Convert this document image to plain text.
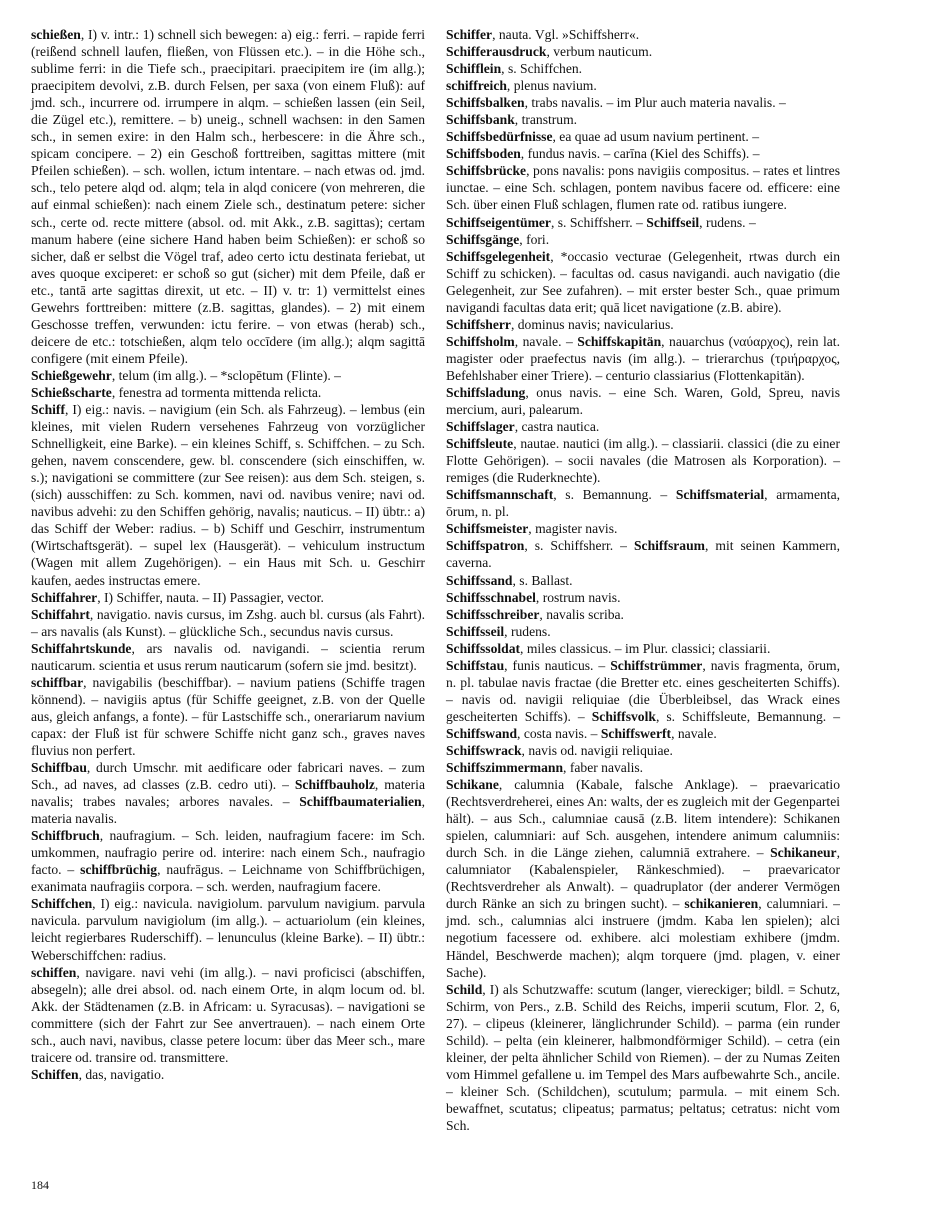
schießen, I) v. intr.: 1) schnell sich bewegen: a) eig.: ferri. – rapide ferri (reißend schnell laufen, fließen, von Flüssen etc.). – in die Höhe sch., sublime ferri: in die Tiefe sch., praecipitari. praecipitem ire (im allg.); praecipitem devolvi, z.B. durch Felsen, per saxa (von einem Fluß): auf jmd. sch., incurrere od. irrumpere in alqm. – schießen lassen (ein Seil, die Zügel etc.), remittere. – b) uneig., schnell wachsen: in den Samen sch., in semen exire: in den Halm sch., herbescere: in die Ähre sch., spicam concipere. – 2) ein Geschoß forttreiben, sagittas mittere (mit Pfeilen schießen). – sch. wollen, ictum intentare. – nach etwas od. jmd. sch., telo petere alqd od. alqm; tela in alqd conicere (von mehreren, die auf einmal schießen): nach einem Ziele sch., destinatum petere: sicher sch., certe od. recte mittere (absol. od. mit Akk., z.B. sagittas); certam manum habere (eine sichere Hand haben beim Schießen): er schoß so sicher, daß er selbst die Vögel traf, adeo certo ictu destinata feriebat, ut aves quoque exciperet: er schoß so gut (sicher) mit dem Pfeile, daß er etc., tantā arte sagittas direxit, ut etc. – II) v. tr: 1) vermittelst eines Gewehrs forttreiben: mittere (z.B. sagittas, glandes). – 2) mit einem Geschosse treffen, verwunden: ictu ferire. – von etwas (herab) sch., deicere de etc.: totschießen, alqm telo occīdere (im allg.); alqm sagittā configere (mit einem Pfeile).

Schießgewehr, telum (im allg.). – *sclopētum (Flinte). –

Schießscharte, fenestra ad tormenta mittenda relicta.

Schiff, I) eig.: navis. – navigium (ein Sch. als Fahrzeug). – lembus (ein kleines, mit vielen Rudern versehenes Fahrzeug von vorzüglicher Schnelligkeit, eine Barke). – ein kleines Schiff, s. Schiffchen. – zu Sch. gehen, navem conscendere, gew. bl. conscendere (sich einschiffen, w. s.); navigationi se committere (zur See reisen): aus dem Sch. steigen, s. (sich) ausschiffen: zu Sch. kommen, navi od. navibus venire; navi od. navibus advehi: zu den Schiffen gehörig, navalis; nauticus. – II) übtr.: a) das Schiff der Weber: radius. – b) Schiff und Geschirr, instrumentum (Wirtschaftsgerät). – supel lex (Hausgerät). – vehiculum instructum (Wagen mit allem Zugehörigen). – ein Haus mit Sch. u. Geschirr kaufen, aedes instructas emere.

Schiffahrer, I) Schiffer, nauta. – II) Passagier, vector.

Schiffahrt, navigatio. navis cursus, im Zshg. auch bl. cursus (als Fahrt). – ars navalis (als Kunst). – glückliche Sch., secundus navis cursus.

Schiffahrtskunde, ars navalis od. navigandi. – scientia rerum nauticarum. scientia et usus rerum nauticarum (sofern sie jmd. besitzt).

schiffbar, navigabilis (beschiffbar). – navium patiens (Schiffe tragen könnend). – navigiis aptus (für Schiffe geeignet, z.B. von der Quelle aus, gleich anfangs, a fonte). – für Lastschiffe sch., onerariarum navium capax: der Fluß ist für schwere Schiffe nicht ganz sch., graves naves fluvius non perfert.

Schiffbau, durch Umschr. mit aedificare oder fabricari naves. – zum Sch., ad naves, ad classes (z.B. cedro uti). – Schiffbauholz, materia navalis; trabes navales; arbores navales. – Schiffbaumaterialien, materia navalis.

Schiffbruch, naufragium. – Sch. leiden, naufragium facere: im Sch. umkommen, naufragio perire od. interire: nach einem Sch., naufragio facto. – schiffbrüchig, naufrāgus. – Leichname von Schiffbrüchigen, exanimata naufragiis corpora. – sch. werden, naufragium facere.

Schiffchen, I) eig.: navicula. navigiolum. parvulum navigium. parvula navicula. parvulum navigiolum (im allg.). – actuariolum (ein kleines, leicht regierbares Ruderschiff). – lenunculus (kleine Barke). – II) übtr.: Weberschiffchen: radius.

schiffen, navigare. navi vehi (im allg.). – navi proficisci (abschiffen, absegeln); alle drei absol. od. nach einem Orte, in alqm locum od. bl. Akk. der Städtenamen (z.B. in Africam: u. Syracusas). – navigationi se committere (sich der Fahrt zur See anvertrauen). – nach einem Orte sch., auch navi, navibus, classe petere locum: über das Meer sch., mare traicere od. transire od. transmittere.

Schiffen, das, navigatio.

Schiffer, nauta. Vgl. »Schiffsherr«.

Schifferausdruck, verbum nauticum.

Schifflein, s. Schiffchen.

schiffreich, plenus navium.

Schiffsbalken, trabs navalis. – im Plur auch materia navalis. –

Schiffsbank, transtrum.

Schiffsbedürfnisse, ea quae ad usum navium pertinent. –

Schiffsboden, fundus navis. – carīna (Kiel des Schiffs). –

Schiffsbrücke, pons navalis: pons navigiis compositus. – rates et lintres iunctae. – eine Sch. schlagen, pontem navibus facere od. efficere: eine Sch. über einen Fluß schlagen, flumen rate od. ratibus iungere.

Schiffseigentümer, s. Schiffsherr. – Schiffseil, rudens. –

Schiffsgänge, fori.

Schiffsgelegenheit, *occasio vecturae (Gelegenheit, rtwas durch ein Schiff zu schicken). – facultas od. casus navigandi. auch navigatio (die Gelegenheit, zur See zufahren). – mit erster bester Sch., quae primum navigandi facultas data erit; quā licet navigatione (z.B. abire).

Schiffsherr, dominus navis; navicularius.

Schiffsholm, navale. – Schiffskapitän, nauarchus (ναύαρχος), rein lat. magister oder praefectus navis (im allg.). – trierarchus (τριήραρχος, Befehlshaber einer Triere). – centurio classiarius (Flottenkapitän).

Schiffsladung, onus navis. – eine Sch. Waren, Gold, Spreu, navis mercium, auri, palearum.

Schiffslager, castra nautica.

Schiffsleute, nautae. nautici (im allg.). – classiarii. classici (die zu einer Flotte Gehörigen). – socii navales (die Matrosen als Korporation). – remiges (die Ruderknechte).

Schiffsmannschaft, s. Bemannung. – Schiffsmaterial, armamenta, ōrum, n. pl.

Schiffsmeister, magister navis.

Schiffspatron, s. Schiffsherr. – Schiffsraum, mit seinen Kammern, caverna.

Schiffssand, s. Ballast.

Schiffsschnabel, rostrum navis.

Schiffsschreiber, navalis scriba.

Schiffsseil, rudens.

Schiffssoldat, miles classicus. – im Plur. classici; classiarii.

Schiffstau, funis nauticus. – Schiffstrümmer, navis fragmenta, ōrum, n. pl. tabulae navis fractae (die Bretter etc. eines gescheiterten Schiffs). – navis od. navigii reliquiae (die Überbleibsel, das Wrack eines gescheiterten Schiffs). – Schiffsvolk, s. Schiffsleute, Bemannung. – Schiffswand, costa navis. – Schiffswerft, navale.

Schiffswrack, navis od. navigii reliquiae.

Schiffszimmermann, faber navalis.

Schikane, calumnia (Kabale, falsche Anklage). – praevaricatio (Rechtsverdreherei, eines An: walts, der es zugleich mit der Gegenpartei hält). – aus Sch., calumniae causā (z.B. litem intendere): Schikanen spielen, calumniari: auf Sch. ausgehen, intendere animum calumniis: durch Sch. in die Länge ziehen, calumniā extrahere. – Schikaneur, calumniator (Kabalenspieler, Ränkeschmied). – praevaricator (Rechtsverdreher als Anwalt). – quadruplator (der anderer Vermögen durch Ränke an sich zu bringen sucht). – schikanieren, calumniari. – jmd. sch., calumnias alci instruere (jmdm. Kaba len spielen); alci negotium facessere od. exhibere. alci molestiam exhibere (jmdm. Händel, Beschwerde machen); alqm torquere (jmd. plagen, v. einer Sache).

Schild, I) als Schutzwaffe: scutum (langer, viereckiger; bildl. = Schutz, Schirm, von Pers., z.B. Schild des Reichs, imperii scutum, Flor. 2, 6, 27). – clipeus (kleinerer, länglichrunder Schild). – parma (ein runder Schild). – pelta (ein kleinerer, halbmondförmiger Schild). – cetra (ein kleiner, der pelta ähnlicher Schild von Riemen). – der zu Numas Zeiten vom Himmel gefallene u. im Tempel des Mars aufbewahrte Sch., ancile. – kleiner Sch. (Schildchen), scutulum; parmula. – mit einem Sch. bewaffnet, scutatus; clipeatus; parmatus; peltatus; cetratus: nicht vom Sch.

184
